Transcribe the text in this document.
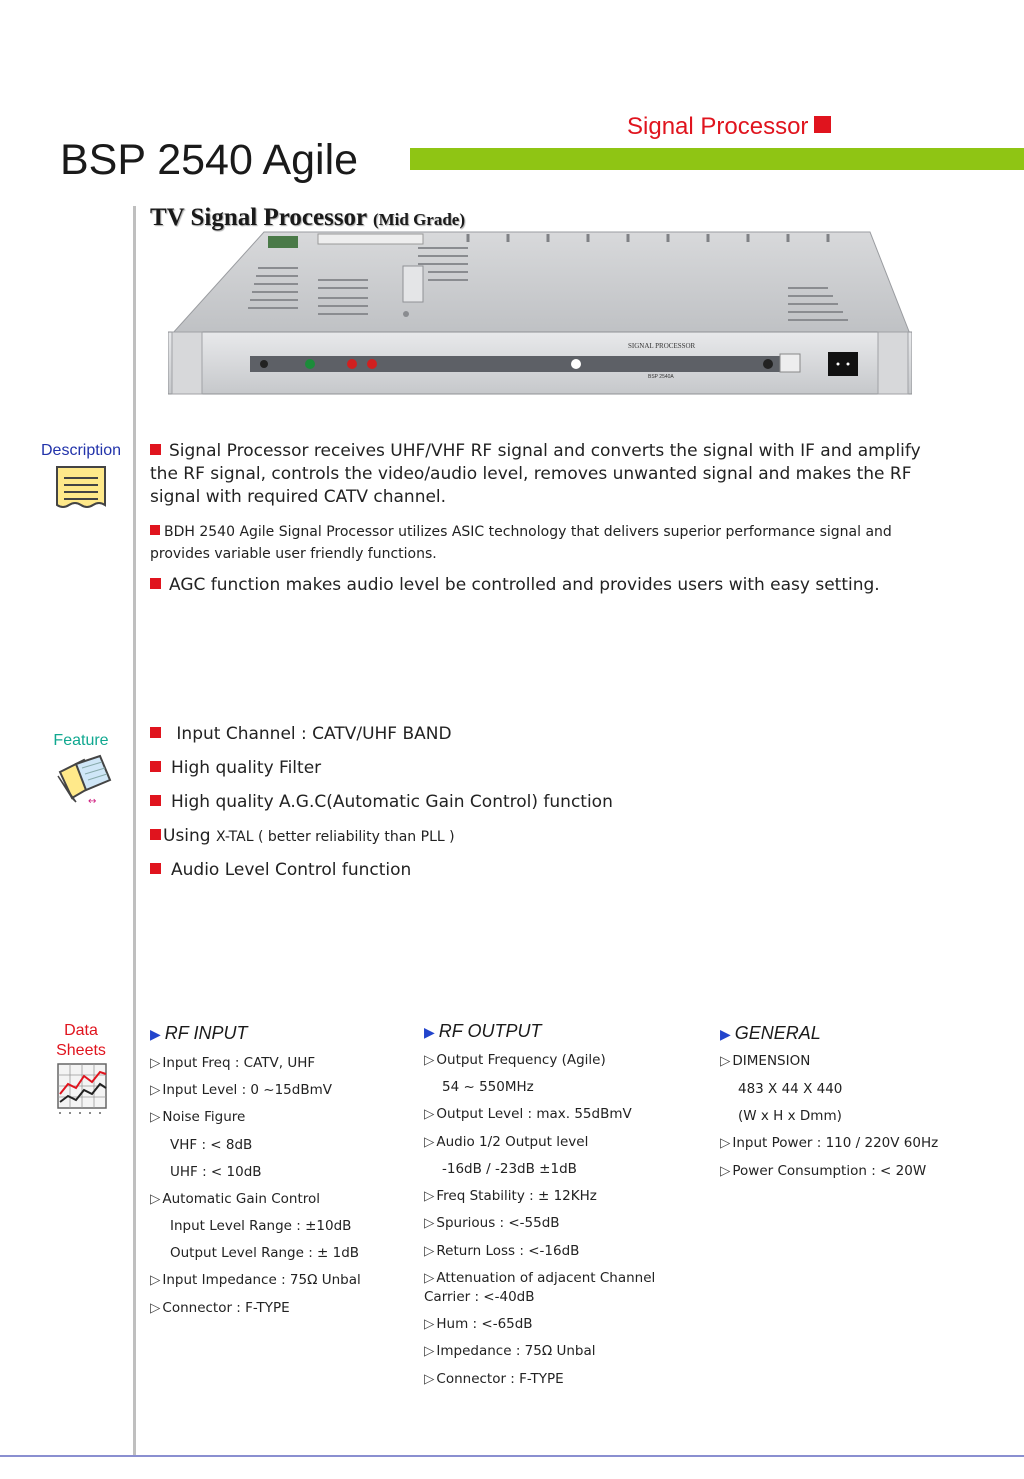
Signal Processor
BSP 2540 Agile
TV Signal Processor (Mid Grade)
SIGNAL PROCESSOR
BSP 2540A
Description	Signal Processor receives UHF/VHF RF signal and converts the signal with IF and amplify the RF signal, controls the video/audio level, removes unwanted signal and makes the RF signal with required CATV channel.
BDH 2540 Agile Signal Processor utilizes ASIC technology that delivers superior performance signal and provides variable user friendly functions.
AGC function makes audio level be controlled and provides users with easy setting.
Feature
↔
Input Channel : CATV/UHF BAND
High quality Filter
High quality A.G.C(Automatic Gain Control) function
Using X-TAL ( better reliability than PLL )
Audio Level Control function
Data
Sheets
▶ RF INPUT
▷ Input Freq : CATV, UHF
▷ Input Level : 0 ~15dBmV
▷ Noise Figure
VHF : < 8dB
UHF : < 10dB
▷ Automatic Gain Control
Input Level Range : ±10dB
Output Level Range : ± 1dB
▷ Input Impedance : 75Ω Unbal
▷ Connector : F-TYPE
▶ RF OUTPUT
▷ Output Frequency (Agile)
54 ~ 550MHz
▷ Output Level : max. 55dBmV
▷ Audio 1/2 Output level
-16dB / -23dB ±1dB
▷ Freq Stability : ± 12KHz
▷ Spurious : <-55dB
▷ Return Loss : <-16dB
▷ Attenuation of adjacent Channel
Carrier : <-40dB
▷ Hum : <-65dB
▷ Impedance : 75Ω Unbal
▷ Connector : F-TYPE
▶ GENERAL
▷ DIMENSION
483 X 44 X 440
(W x H x Dmm)
▷ Input Power : 110 / 220V 60Hz
▷ Power Consumption : < 20W
